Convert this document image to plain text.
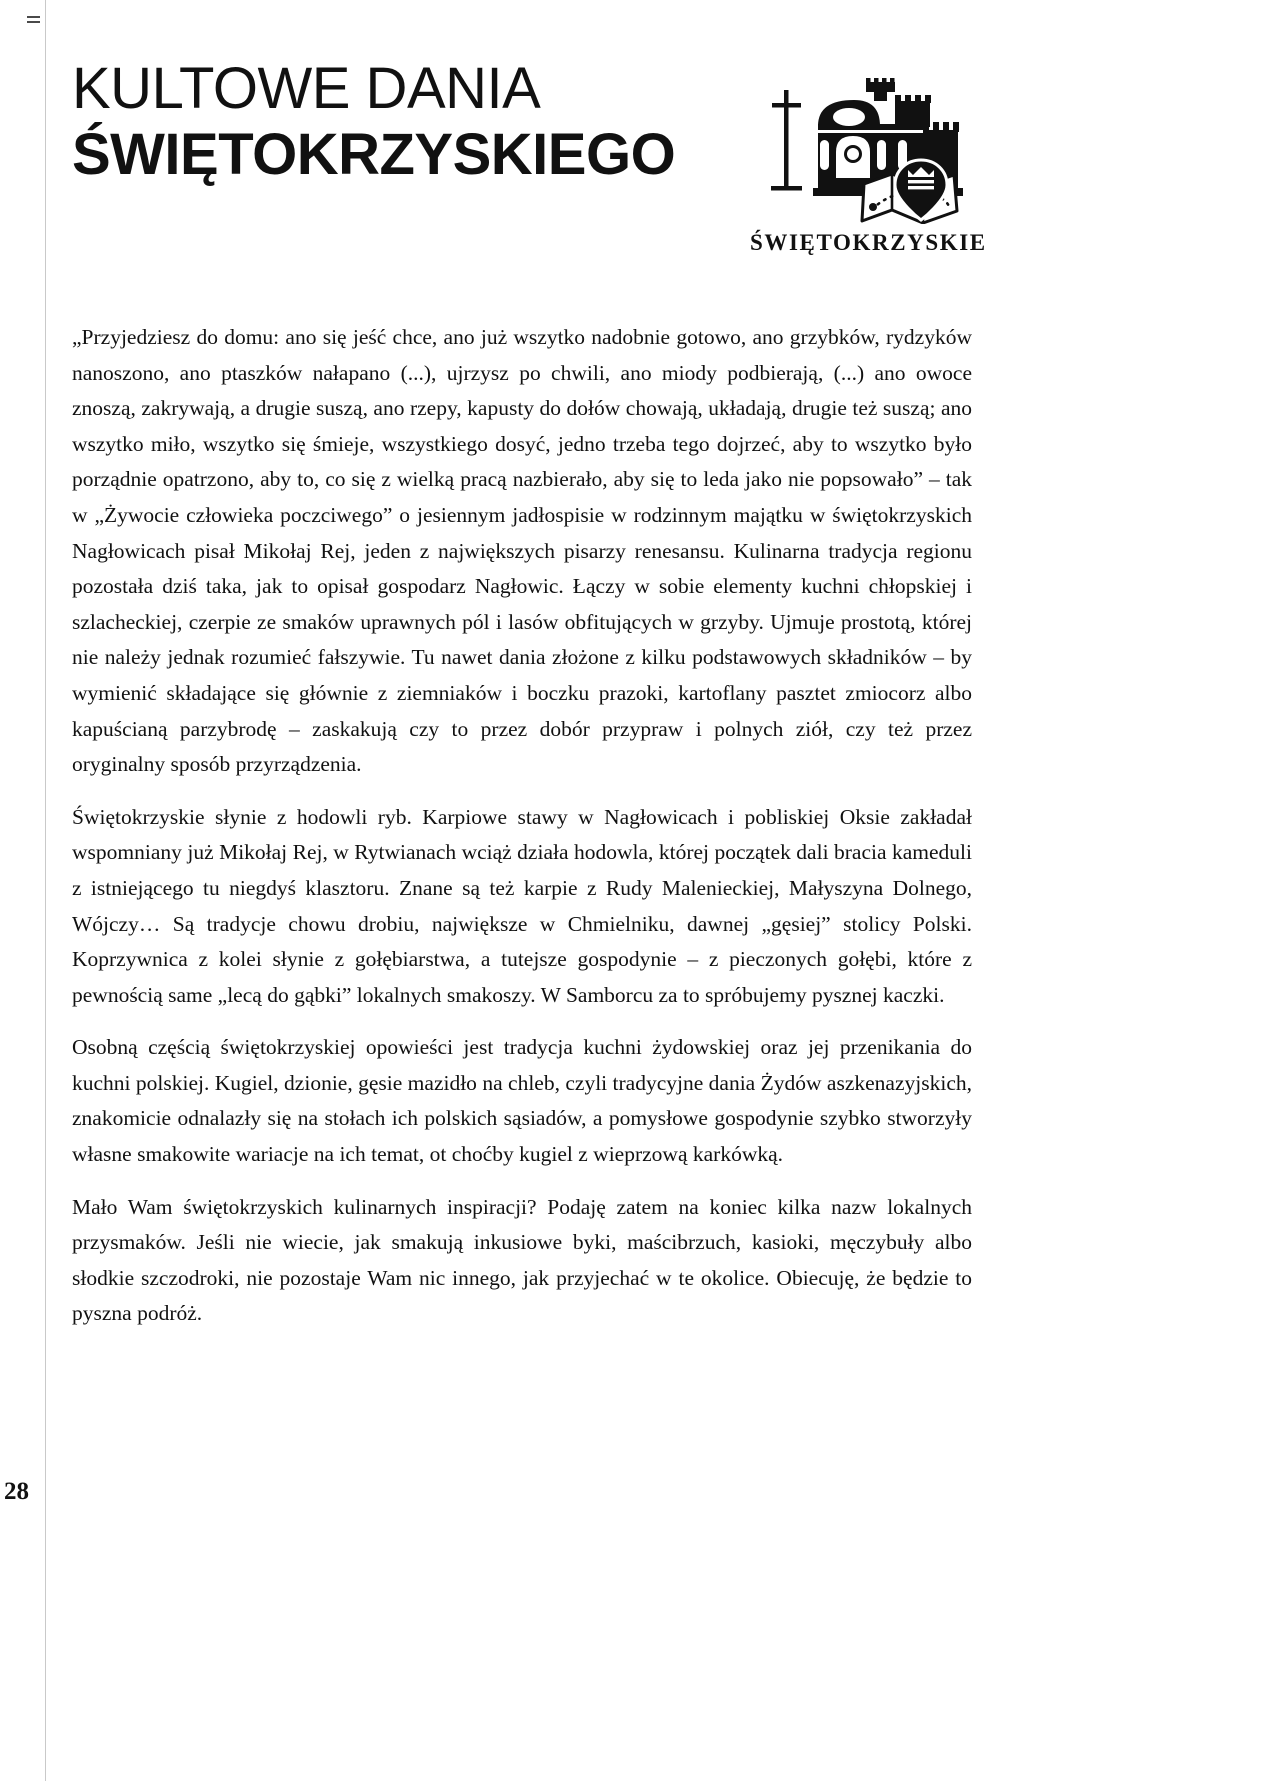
KULTOWE DANIA
ŚWIĘTOKRZYSKIEGO
ŚWIĘTOKRZYSKIE

„Przyjedziesz do domu: ano się jeść chce, ano już wszytko nadobnie gotowo, ano grzybków, rydzyków nanoszono, ano ptaszków nałapano (...), ujrzysz po chwili, ano miody podbierają, (...) ano owoce znoszą, zakrywają, a drugie suszą, ano rzepy, kapusty do dołów chowają, układają, drugie też suszą; ano wszytko miło, wszytko się śmieje, wszystkiego dosyć, jedno trzeba tego dojrzeć, aby to wszytko było porządnie opatrzono, aby to, co się z wielką pracą nazbierało, aby się to leda jako nie popsowało” – tak w „Żywocie człowieka poczciwego” o jesiennym jadłospisie w rodzinnym majątku w świętokrzyskich Nagłowicach pisał Mikołaj Rej, jeden z największych pisarzy renesansu. Kulinarna tradycja regionu pozostała dziś taka, jak to opisał gospodarz Nagłowic. Łączy w sobie elementy kuchni chłopskiej i szlacheckiej, czerpie ze smaków uprawnych pól i lasów obfitujących w grzyby. Ujmuje prostotą, której nie należy jednak rozumieć fałszywie. Tu nawet dania złożone z kilku podstawowych składników – by wymienić składające się głównie z ziemniaków i boczku prazoki, kartoflany pasztet zmiocorz albo kapuścianą parzybrodę – zaskakują czy to przez dobór przypraw i polnych ziół, czy też przez oryginalny sposób przyrządzenia.

Świętokrzyskie słynie z hodowli ryb. Karpiowe stawy w Nagłowicach i pobliskiej Oksie zakładał wspomniany już Mikołaj Rej, w Rytwianach wciąż działa hodowla, której początek dali bracia kameduli z istniejącego tu niegdyś klasztoru. Znane są też karpie z Rudy Malenieckiej, Małyszyna Dolnego, Wójczy… Są tradycje chowu drobiu, największe w Chmielniku, dawnej „gęsiej” stolicy Polski. Koprzywnica z kolei słynie z gołębiarstwa, a tutejsze gospodynie – z pieczonych gołębi, które z pewnością same „lecą do gąbki” lokalnych smakoszy. W Samborcu za to spróbujemy pysznej kaczki.

Osobną częścią świętokrzyskiej opowieści jest tradycja kuchni żydowskiej oraz jej przenikania do kuchni polskiej. Kugiel, dzionie, gęsie mazidło na chleb, czyli tradycyjne dania Żydów aszkenazyjskich, znakomicie odnalazły się na stołach ich polskich sąsiadów, a pomysłowe gospodynie szybko stworzyły własne smakowite wariacje na ich temat, ot choćby kugiel z wieprzową karkówką.

Mało Wam świętokrzyskich kulinarnych inspiracji? Podaję zatem na koniec kilka nazw lokalnych przysmaków. Jeśli nie wiecie, jak smakują inkusiowe byki, maścibrzuch, kasioki, męczybuły albo słodkie szczodroki, nie pozostaje Wam nic innego, jak przyjechać w te okolice. Obiecuję, że będzie to pyszna podróż.

28
